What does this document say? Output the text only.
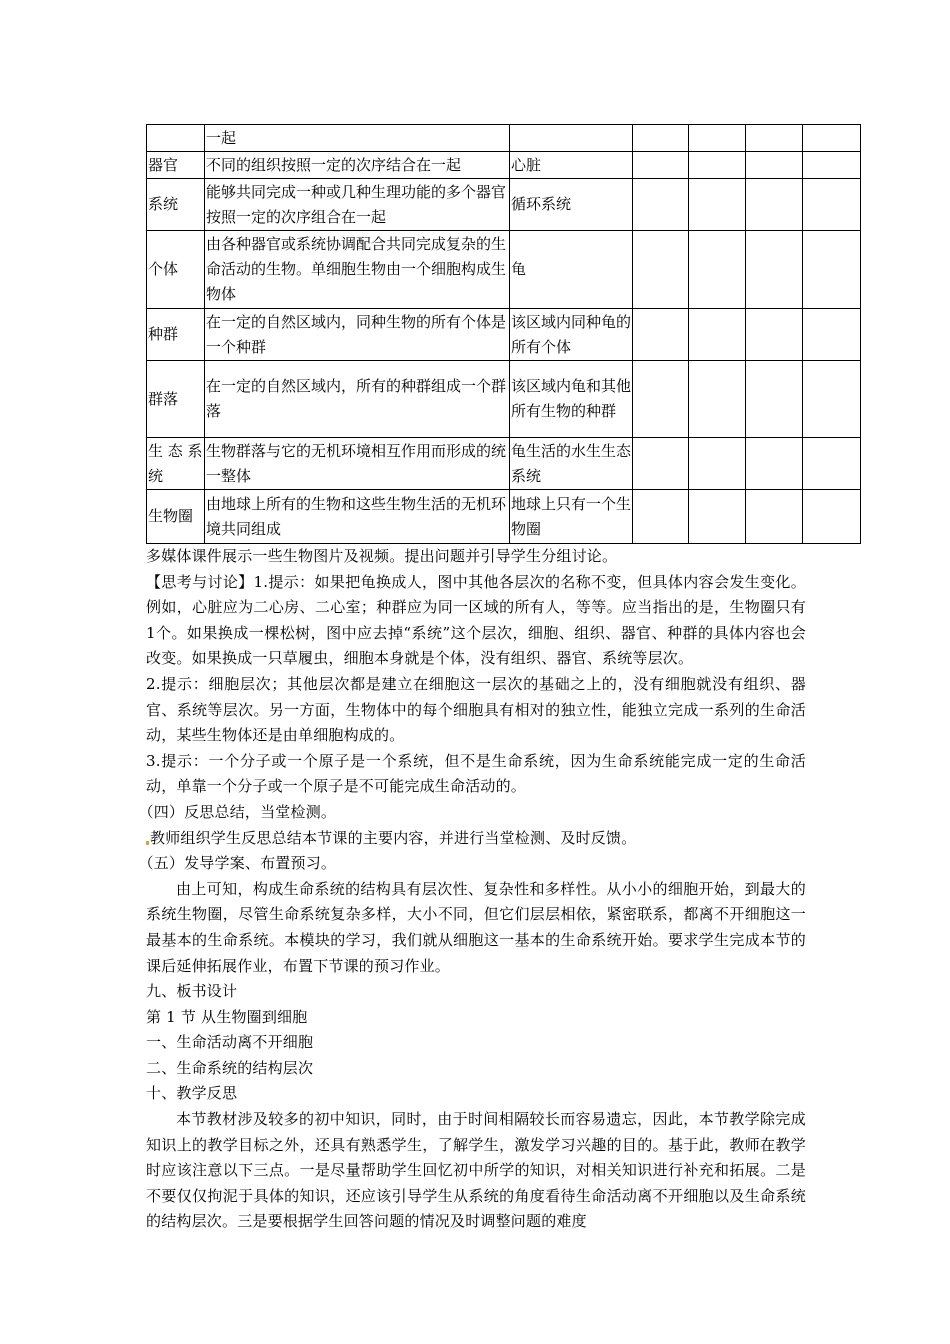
	一起					
器官	不同的组织按照一定的次序结合在一起	心脏				
系统	能够共同完成一种或几种生理功能的多个器官按照一定的次序组合在一起	循环系统				
个体	由各种器官或系统协调配合共同完成复杂的生命活动的生物。单细胞生物由一个细胞构成生物体	龟				
种群	在一定的自然区域内，同种生物的所有个体是一个种群	该区域内同种龟的所有个体				
群落	在一定的自然区域内，所有的种群组成一个群落	该区域内龟和其他所有生物的种群				
生 态 系统	生物群落与它的无机环境相互作用而形成的统一整体	龟生活的水生生态系统				
生物圈	由地球上所有的生物和这些生物生活的无机环境共同组成	地球上只有一个生物圈				

多媒体课件展示一些生物图片及视频。提出问题并引导学生分组讨论。

【思考与讨论】1.提示：如果把龟换成人，图中其他各层次的名称不变，但具体内容会发生变化。例如，心脏应为二心房、二心室；种群应为同一区域的所有人，等等。应当指出的是，生物圈只有1个。如果换成一棵松树，图中应去掉“系统”这个层次，细胞、组织、器官、种群的具体内容也会改变。如果换成一只草履虫，细胞本身就是个体，没有组织、器官、系统等层次。

2.提示：细胞层次；其他层次都是建立在细胞这一层次的基础之上的，没有细胞就没有组织、器官、系统等层次。另一方面，生物体中的每个细胞具有相对的独立性，能独立完成一系列的生命活动，某些生物体还是由单细胞构成的。

3.提示：一个分子或一个原子是一个系统，但不是生命系统，因为生命系统能完成一定的生命活动，单靠一个分子或一个原子是不可能完成生命活动的。

（四）反思总结，当堂检测。

教师组织学生反思总结本节课的主要内容，并进行当堂检测、及时反馈。

（五）发导学案、布置预习。

由上可知，构成生命系统的结构具有层次性、复杂性和多样性。从小小的细胞开始，到最大的系统生物圈，尽管生命系统复杂多样，大小不同，但它们层层相依，紧密联系，都离不开细胞这一最基本的生命系统。本模块的学习，我们就从细胞这一基本的生命系统开始。要求学生完成本节的课后延伸拓展作业，布置下节课的预习作业。

九、板书设计

第 1 节 从生物圈到细胞

一、生命活动离不开细胞

二、生命系统的结构层次

十、教学反思

本节教材涉及较多的初中知识，同时，由于时间相隔较长而容易遗忘，因此，本节教学除完成知识上的教学目标之外，还具有熟悉学生，了解学生，激发学习兴趣的目的。基于此，教师在教学时应该注意以下三点。一是尽量帮助学生回忆初中所学的知识，对相关知识进行补充和拓展。二是不要仅仅拘泥于具体的知识，还应该引导学生从系统的角度看待生命活动离不开细胞以及生命系统的结构层次。三是要根据学生回答问题的情况及时调整问题的难度
